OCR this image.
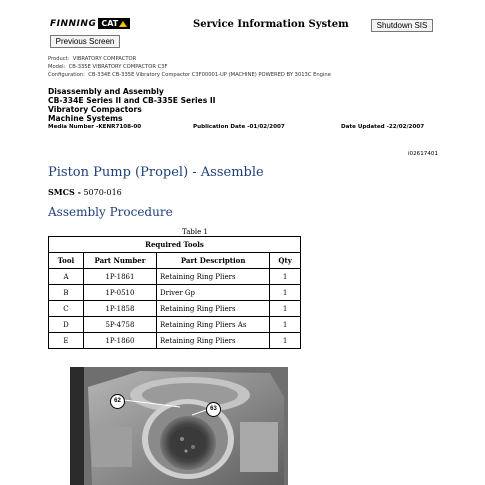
FINNING CAT	Service Information System	Shutdown SIS
Previous Screen
Product: VIBRATORY COMPACTOR
Model: CB-335E VIBRATORY COMPACTOR C3F
Configuration: CB-334E CB-335E Vibratory Compactor C3F00001-UP (MACHINE) POWERED BY 3013C Engine
Disassembly and Assembly
CB-334E Series II and CB-335E Series II
Vibratory Compactors
Machine Systems
Media Number -KENR7108-00	Publication Date -01/02/2007	Date Updated -22/02/2007
i02617401
Piston Pump (Propel) - Assemble
SMCS - 5070-016
Assembly Procedure
Table 1
Required Tools			
Tool	Part Number	Part Description	Qty
A	1P-1861	Retaining Ring Pliers	1
B	1P-0510	Driver Gp	1
C	1P-1858	Retaining Ring Pliers	1
D	5P-4758	Retaining Ring Pliers As	1
E	1P-1860	Retaining Ring Pliers	1
62
63
